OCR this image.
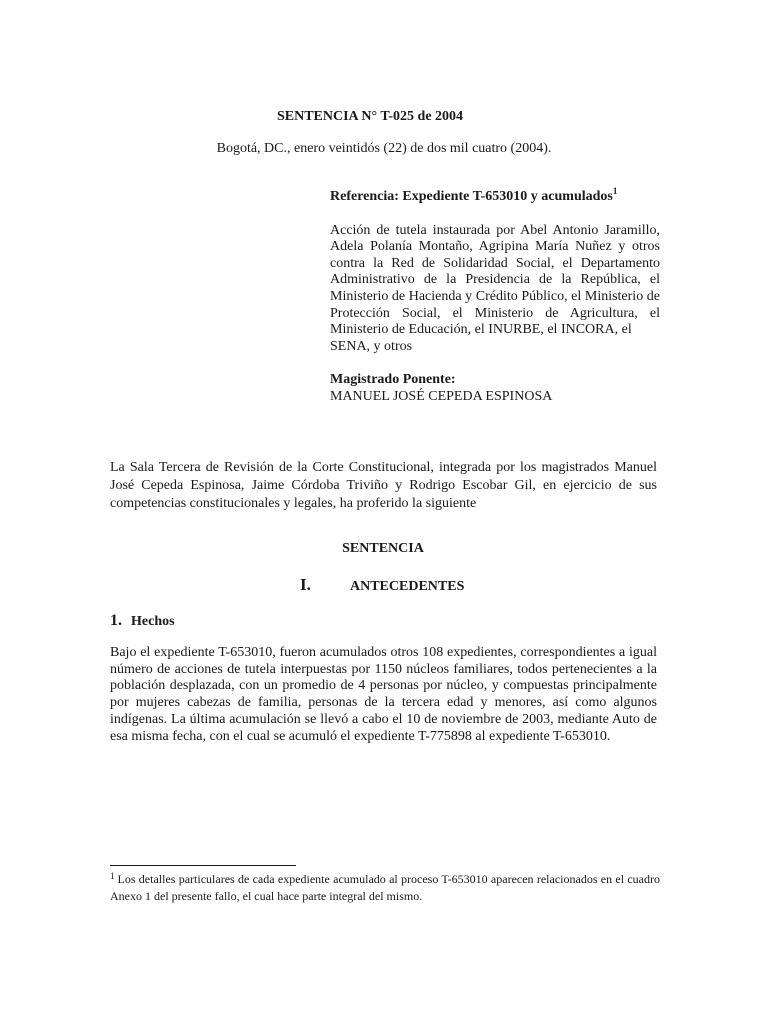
SENTENCIA N° T-025 de 2004
Bogotá, DC., enero veintidós (22) de dos mil cuatro (2004).

Referencia: Expediente T-653010 y acumulados$^1$

Acción de tutela instaurada por Abel Antonio Jaramillo, Adela Polanía Montaño, Agripina María Nuñez y otros contra la Red de Solidaridad Social, el Departamento Administrativo de la Presidencia de la República, el Ministerio de Hacienda y Crédito Público, el Ministerio de Protección Social, el Ministerio de Agricultura, el Ministerio de Educación, el INURBE, el INCORA, el
SENA, y otros

Magistrado Ponente:

MANUEL JOSÉ CEPEDA ESPINOSA

La Sala Tercera de Revisión de la Corte Constitucional, integrada por los magistrados Manuel José Cepeda Espinosa, Jaime Córdoba Triviño y Rodrigo Escobar Gil, en ejercicio de sus competencias constitucionales y legales, ha proferido la siguiente
SENTENCIA
I.	ANTECEDENTES
1. Hechos
Bajo el expediente T-653010, fueron acumulados otros 108 expedientes, correspondientes a igual número de acciones de tutela interpuestas por 1150 núcleos familiares, todos pertenecientes a la población desplazada, con un promedio de 4 personas por núcleo, y compuestas principalmente por mujeres cabezas de familia, personas de la tercera edad y menores, así como algunos indígenas. La última acumulación se llevó a cabo el 10 de noviembre de 2003, mediante Auto de esa misma fecha, con el cual se acumuló el expediente T-775898 al expediente T-653010.
$^1$ Los detalles particulares de cada expediente acumulado al proceso T-653010 aparecen relacionados en el cuadro Anexo 1 del presente fallo, el cual hace parte integral del mismo.
